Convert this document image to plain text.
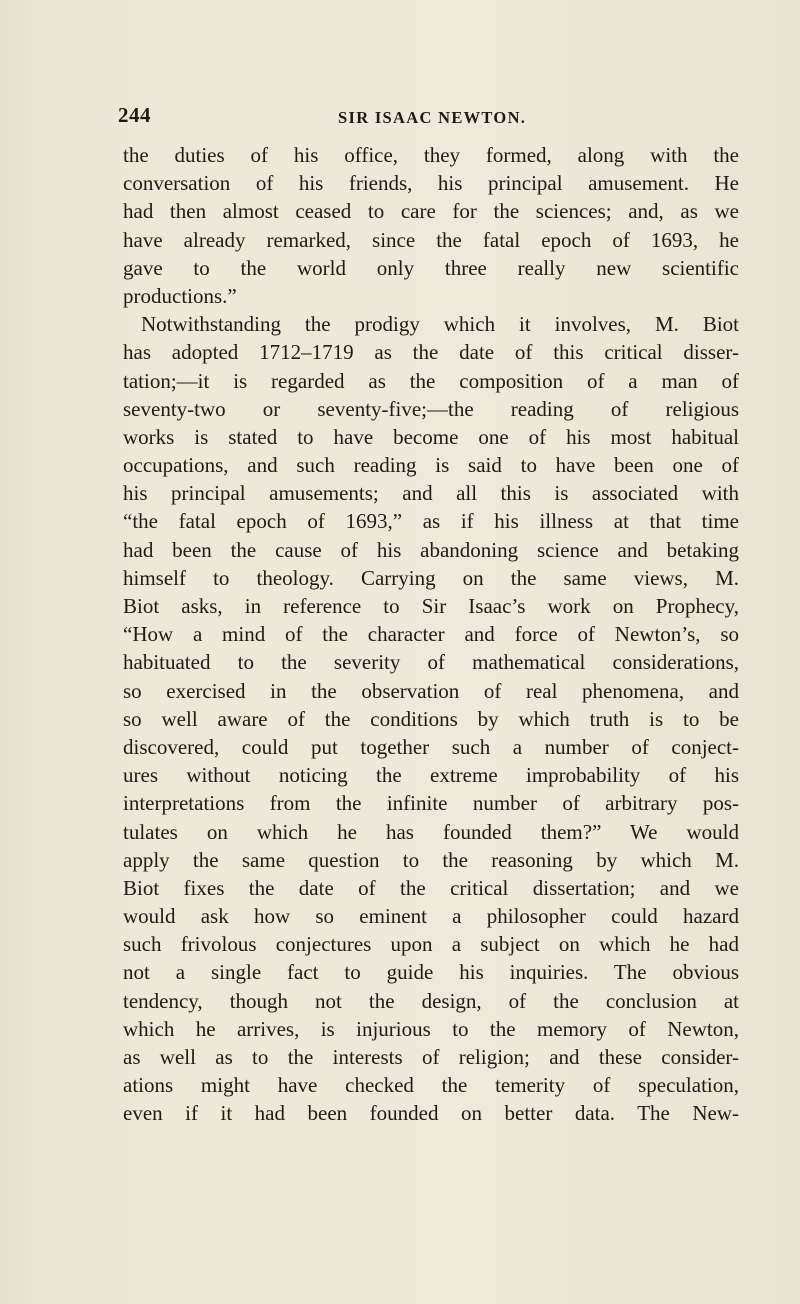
244	SIR ISAAC NEWTON.
the duties of his office, they formed, along with the
conversation of his friends, his principal amusement. He
had then almost ceased to care for the sciences; and, as we
have already remarked, since the fatal epoch of 1693, he
gave to the world only three really new scientific
productions.”
Notwithstanding the prodigy which it involves, M. Biot
has adopted 1712–1719 as the date of this critical disser-
tation;—it is regarded as the composition of a man of
seventy-two or seventy-five;—the reading of religious
works is stated to have become one of his most habitual
occupations, and such reading is said to have been one of
his principal amusements; and all this is associated with
“the fatal epoch of 1693,” as if his illness at that time
had been the cause of his abandoning science and betaking
himself to theology. Carrying on the same views, M.
Biot asks, in reference to Sir Isaac’s work on Prophecy,
“How a mind of the character and force of Newton’s, so
habituated to the severity of mathematical considerations,
so exercised in the observation of real phenomena, and
so well aware of the conditions by which truth is to be
discovered, could put together such a number of conject-
ures without noticing the extreme improbability of his
interpretations from the infinite number of arbitrary pos-
tulates on which he has founded them?” We would
apply the same question to the reasoning by which M.
Biot fixes the date of the critical dissertation; and we
would ask how so eminent a philosopher could hazard
such frivolous conjectures upon a subject on which he had
not a single fact to guide his inquiries. The obvious
tendency, though not the design, of the conclusion at
which he arrives, is injurious to the memory of Newton,
as well as to the interests of religion; and these consider-
ations might have checked the temerity of speculation,
even if it had been founded on better data. The New-
